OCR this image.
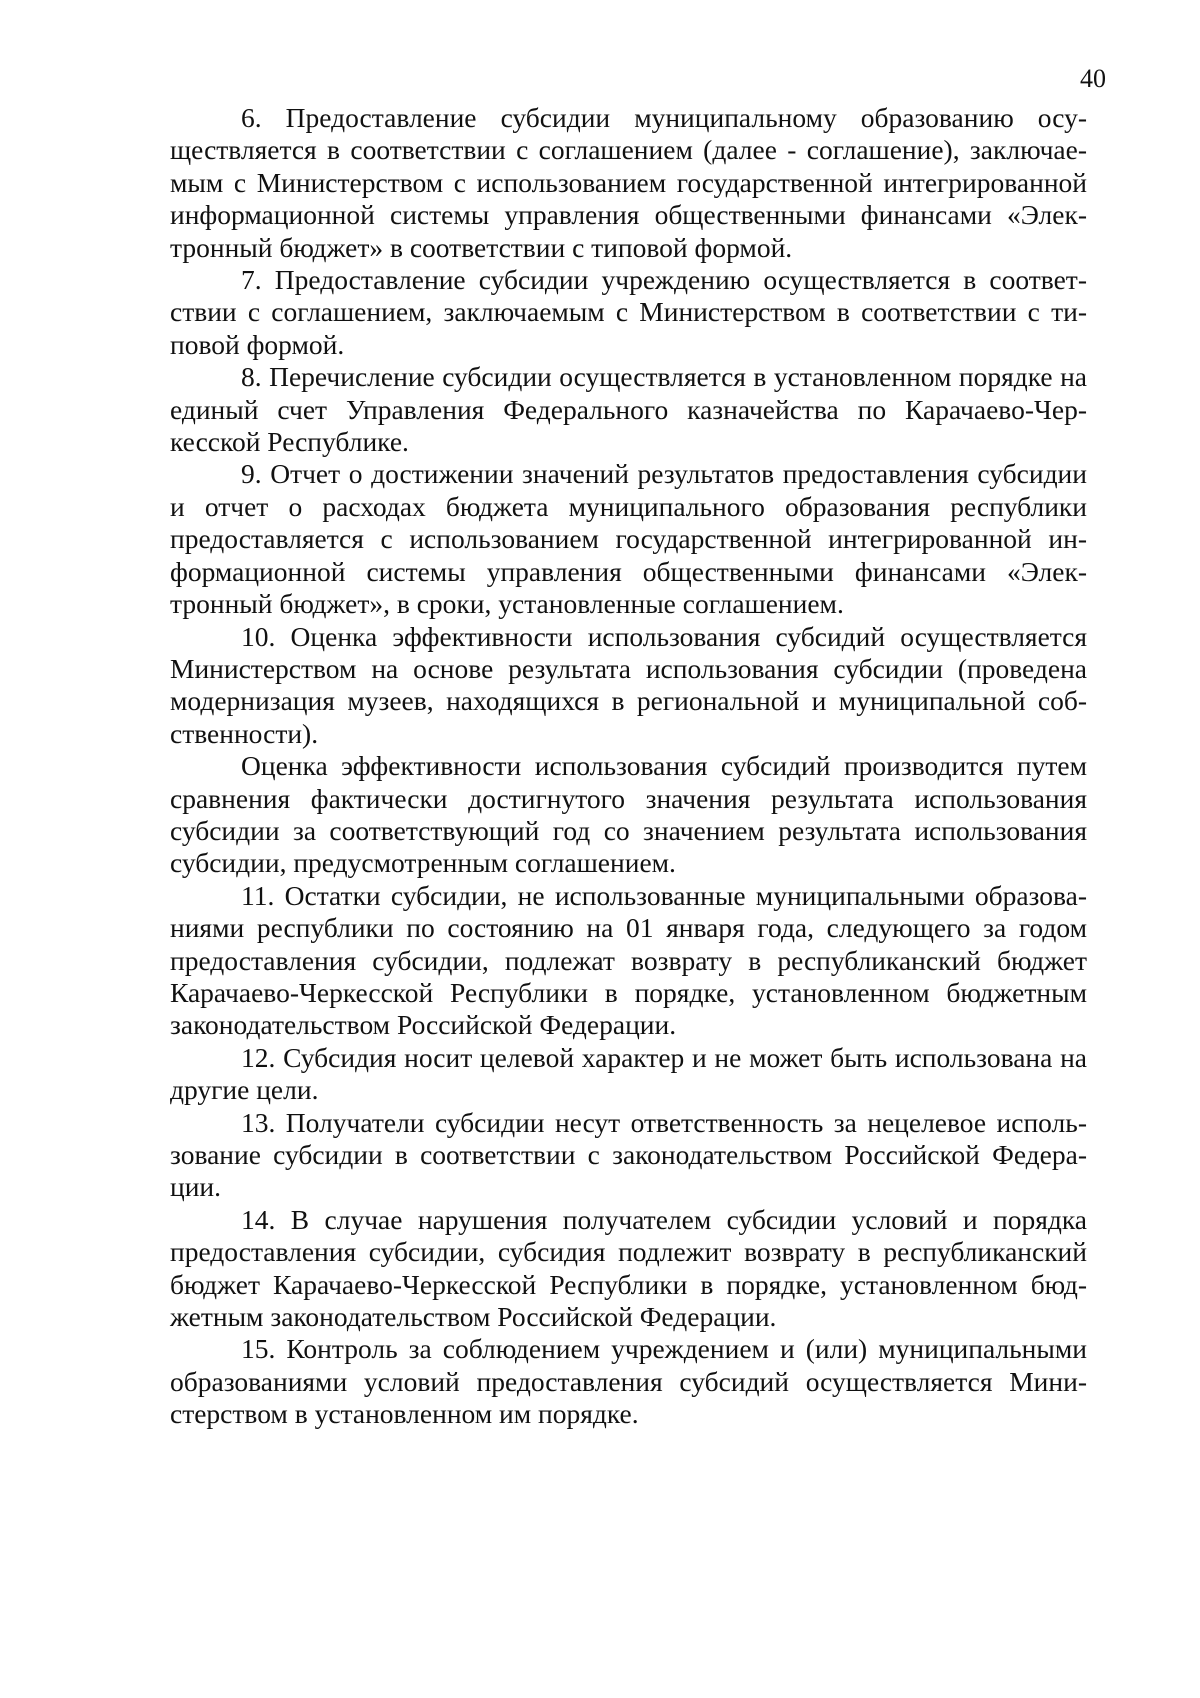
40

6. Предоставление субсидии муниципальному образованию осуществляется в соответствии с соглашением (далее - соглашение), заключаемым с Министерством с использованием государственной интегрированной информационной системы управления общественными финансами «Электронный бюджет» в соответствии с типовой формой.

7. Предоставление субсидии учреждению осуществляется в соответствии с соглашением, заключаемым с Министерством в соответствии с типовой формой.

8. Перечисление субсидии осуществляется в установленном порядке на единый счет Управления Федерального казначейства по Карачаево-Черкесской Республике.

9. Отчет о достижении значений результатов предоставления субсидии и отчет о расходах бюджета муниципального образования республики предоставляется с использованием государственной интегрированной информационной системы управления общественными финансами «Электронный бюджет», в сроки, установленные соглашением.

10. Оценка эффективности использования субсидий осуществляется Министерством на основе результата использования субсидии (проведена модернизация музеев, находящихся в региональной и муниципальной собственности).

Оценка эффективности использования субсидий производится путем сравнения фактически достигнутого значения результата использования субсидии за соответствующий год со значением результата использования субсидии, предусмотренным соглашением.

11. Остатки субсидии, не использованные муниципальными образованиями республики по состоянию на 01 января года, следующего за годом предоставления субсидии, подлежат возврату в республиканский бюджет Карачаево-Черкесской Республики в порядке, установленном бюджетным законодательством Российской Федерации.

12. Субсидия носит целевой характер и не может быть использована на другие цели.

13. Получатели субсидии несут ответственность за нецелевое использование субсидии в соответствии с законодательством Российской Федерации.

14. В случае нарушения получателем субсидии условий и порядка предоставления субсидии, субсидия подлежит возврату в республиканский бюджет Карачаево-Черкесской Республики в порядке, установленном бюджетным законодательством Российской Федерации.

15. Контроль за соблюдением учреждением и (или) муниципальными образованиями условий предоставления субсидий осуществляется Министерством в установленном им порядке.
